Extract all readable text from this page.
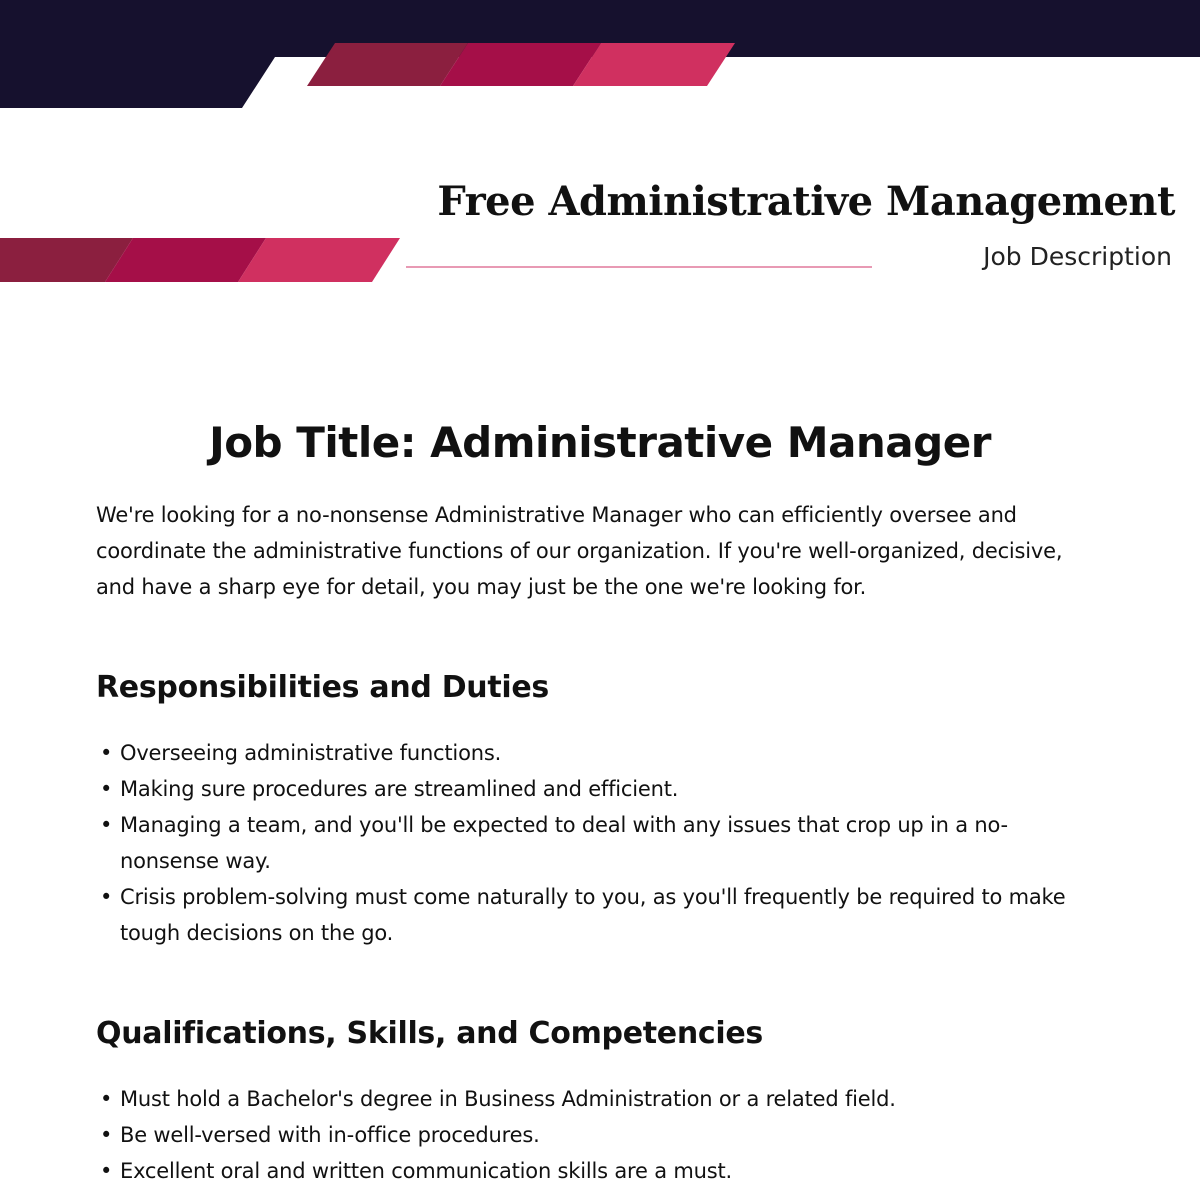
Free Administrative Management
Job Description
Job Title: Administrative Manager

We're looking for a no-nonsense Administrative Manager who can efficiently oversee and coordinate the administrative functions of our organization. If you're well-organized, decisive, and have a sharp eye for detail, you may just be the one we're looking for.

Responsibilities and Duties
• Overseeing administrative functions.
• Making sure procedures are streamlined and efficient.
• Managing a team, and you'll be expected to deal with any issues that crop up in a no-nonsense way.
• Crisis problem-solving must come naturally to you, as you'll frequently be required to make tough decisions on the go.
Qualifications, Skills, and Competencies
• Must hold a Bachelor's degree in Business Administration or a related field.
• Be well-versed with in-office procedures.
• Excellent oral and written communication skills are a must.
